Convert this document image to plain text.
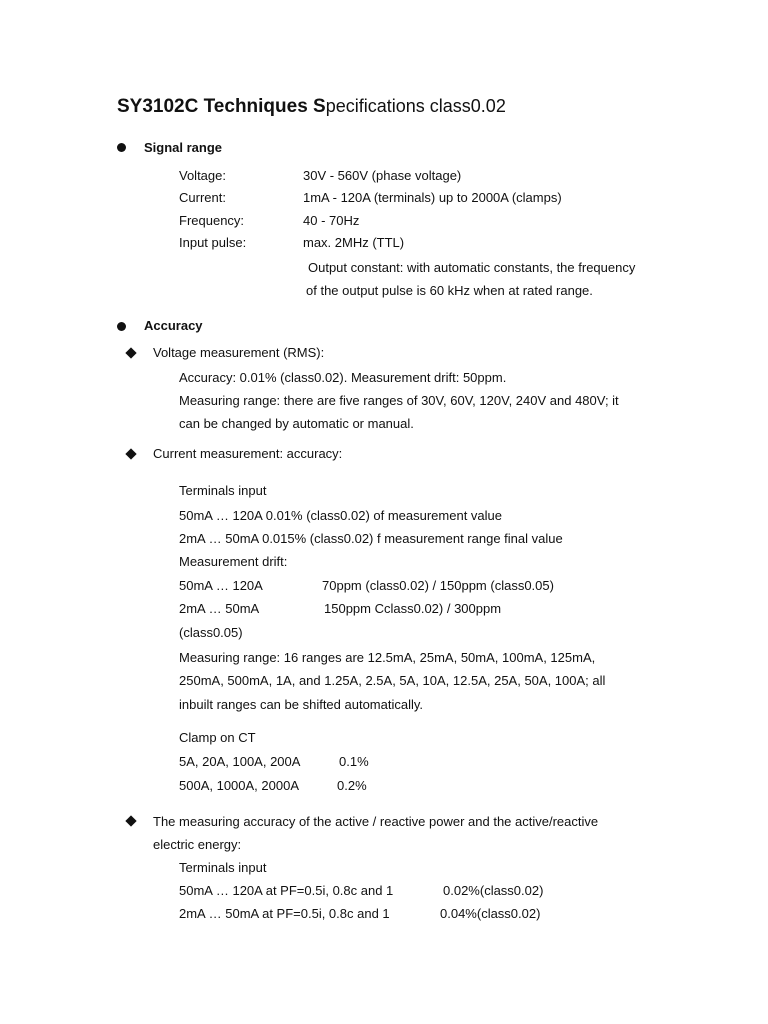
SY3102C Techniques Specifications class0.02
Signal range
Voltage:	30V - 560V (phase voltage)
Current:	1mA - 120A (terminals) up to 2000A (clamps)
Frequency:	40 - 70Hz
Input pulse:	max. 2MHz (TTL)
Output constant: with automatic constants, the frequency
of the output pulse is 60 kHz when at rated range.
Accuracy
Voltage measurement (RMS):
Accuracy: 0.01% (class0.02). Measurement drift: 50ppm.
Measuring range: there are five ranges of 30V, 60V, 120V, 240V and 480V; it
can be changed by automatic or manual.
Current measurement: accuracy:
Terminals input
50mA … 120A 0.01% (class0.02) of measurement value
2mA … 50mA 0.015% (class0.02) f measurement range final value
Measurement drift:
50mA … 120A	70ppm (class0.02) / 150ppm (class0.05)
2mA … 50mA	150ppm Cclass0.02) / 300ppm
(class0.05)
Measuring range: 16 ranges are 12.5mA, 25mA, 50mA, 100mA, 125mA,
250mA, 500mA, 1A, and 1.25A, 2.5A, 5A, 10A, 12.5A, 25A, 50A, 100A; all
inbuilt ranges can be shifted automatically.
Clamp on CT
5A, 20A, 100A, 200A	0.1%
500A, 1000A, 2000A	0.2%
The measuring accuracy of the active / reactive power and the active/reactive
electric energy:
Terminals input
50mA … 120A at PF=0.5i, 0.8c and 1	0.02%(class0.02)
2mA … 50mA at PF=0.5i, 0.8c and 1	0.04%(class0.02)
